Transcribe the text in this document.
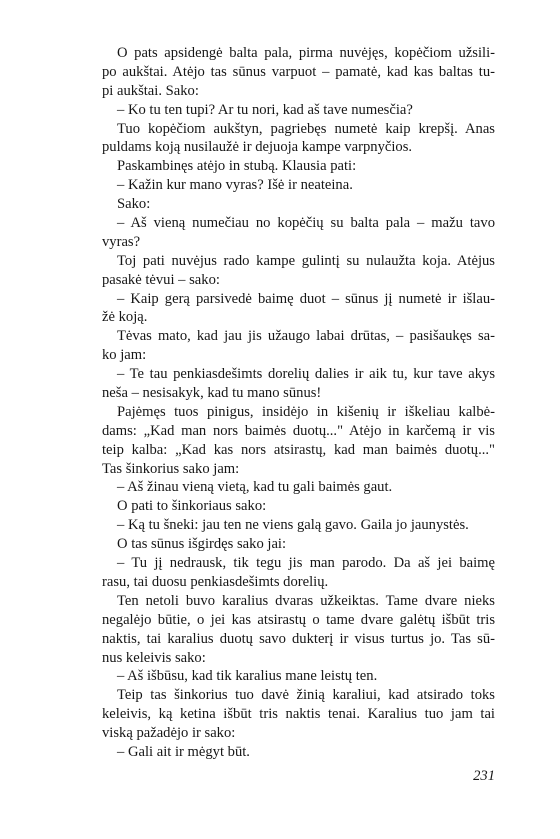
O pats apsidengė balta pala, pirma nuvėjęs, kopėčiom užsili-
po aukštai. Atėjo tas sūnus varpuot – pamatė, kad kas baltas tu-
pi aukštai. Sako:
– Ko tu ten tupi? Ar tu nori, kad aš tave numesčia?
Tuo kopėčiom aukštyn, pagriebęs numetė kaip krepšį. Anas
puldams koją nusilaužė ir dejuoja kampe varpnyčios.
Paskambinęs atėjo in stubą. Klausia pati:
– Kažin kur mano vyras? Išė ir neateina.
Sako:
– Aš vieną numečiau no kopėčių su balta pala – mažu tavo
vyras?
Toj pati nuvėjus rado kampe gulintį su nulaužta koja. Atėjus
pasakė tėvui – sako:
– Kaip gerą parsivedė baimę duot – sūnus jį numetė ir išlau-
žė koją.
Tėvas mato, kad jau jis užaugo labai drūtas, – pasišaukęs sa-
ko jam:
– Te tau penkiasdešimts dorelių dalies ir aik tu, kur tave akys
neša – nesisakyk, kad tu mano sūnus!
Pajėmęs tuos pinigus, insidėjo in kišenių ir iškeliau kalbė-
dams: „Kad man nors baimės duotų..." Atėjo in karčemą ir vis
teip kalba: „Kad kas nors atsirastų, kad man baimės duotų..."
Tas šinkorius sako jam:
– Aš žinau vieną vietą, kad tu gali baimės gaut.
O pati to šinkoriaus sako:
– Ką tu šneki: jau ten ne viens galą gavo. Gaila jo jaunystės.
O tas sūnus išgirdęs sako jai:
– Tu jį nedrausk, tik tegu jis man parodo. Da aš jei baimę
rasu, tai duosu penkiasdešimts dorelių.
Ten netoli buvo karalius dvaras užkeiktas. Tame dvare nieks
negalėjo būtie, o jei kas atsirastų o tame dvare galėtų išbūt tris
naktis, tai karalius duotų savo dukterį ir visus turtus jo. Tas sū-
nus keleivis sako:
– Aš išbūsu, kad tik karalius mane leistų ten.
Teip tas šinkorius tuo davė žinią karaliui, kad atsirado toks
keleivis, ką ketina išbūt tris naktis tenai. Karalius tuo jam tai
viską pažadėjo ir sako:
– Gali ait ir mėgyt būt.
231
